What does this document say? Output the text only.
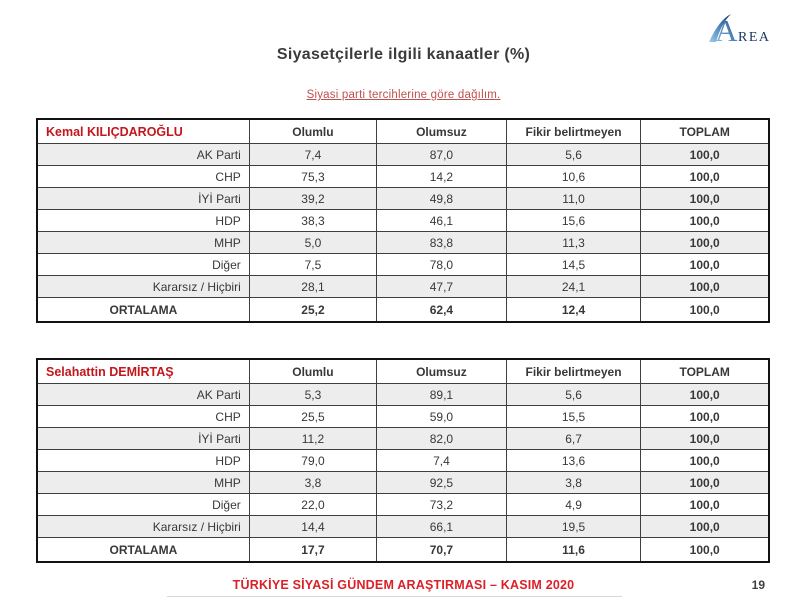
A REA
Siyasetçilerle ilgili kanaatler (%)
Siyasi parti tercihlerine göre dağılım.
Kemal KILIÇDAROĞLU	Olumlu	Olumsuz	Fikir belirtmeyen	TOPLAM
AK Parti	7,4	87,0	5,6	100,0
CHP	75,3	14,2	10,6	100,0
İYİ Parti	39,2	49,8	11,0	100,0
HDP	38,3	46,1	15,6	100,0
MHP	5,0	83,8	11,3	100,0
Diğer	7,5	78,0	14,5	100,0
Kararsız / Hiçbiri	28,1	47,7	24,1	100,0
ORTALAMA	25,2	62,4	12,4	100,0
Selahattin DEMİRTAŞ	Olumlu	Olumsuz	Fikir belirtmeyen	TOPLAM
AK Parti	5,3	89,1	5,6	100,0
CHP	25,5	59,0	15,5	100,0
İYİ Parti	11,2	82,0	6,7	100,0
HDP	79,0	7,4	13,6	100,0
MHP	3,8	92,5	3,8	100,0
Diğer	22,0	73,2	4,9	100,0
Kararsız / Hiçbiri	14,4	66,1	19,5	100,0
ORTALAMA	17,7	70,7	11,6	100,0
TÜRKİYE SİYASİ GÜNDEM ARAŞTIRMASI – KASIM 2020	19
